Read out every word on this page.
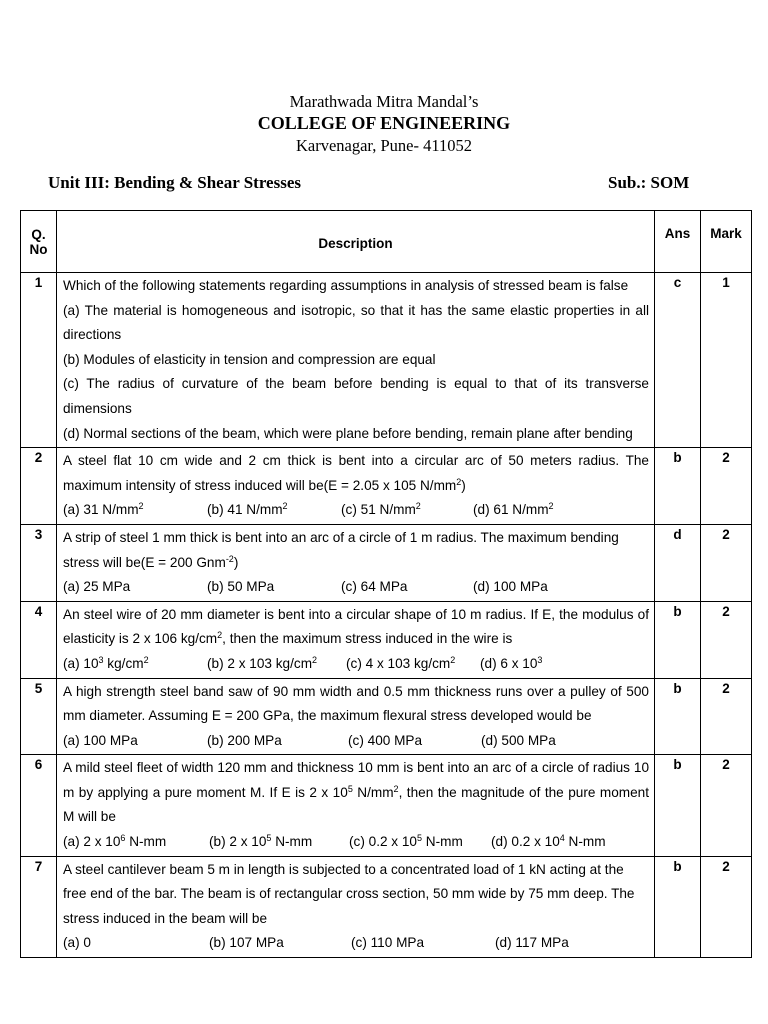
Marathwada Mitra Mandal’s
COLLEGE OF ENGINEERING
Karvenagar, Pune- 411052
Unit III: Bending & Shear Stresses	Sub.: SOM
Q.
No	Description	Ans	Mark
1	Which of the following statements regarding assumptions in analysis of stressed beam is false
(a) The material is homogeneous and isotropic, so that it has the same elastic properties in all directions
(b) Modules of elasticity in tension and compression are equal
(c) The radius of curvature of the beam before bending is equal to that of its transverse dimensions
(d) Normal sections of the beam, which were plane before bending, remain plane after bending	c	1
2	A steel flat 10 cm wide and 2 cm thick is bent into a circular arc of 50 meters radius. The maximum intensity of stress induced will be(E = 2.05 x 105 $N/mm^2$)
(a) 31 $N/mm^2$ (b) 41 $N/mm^2$ (c) 51 $N/mm^2$ (d) 61 $N/mm^2$	b	2
3	A strip of steel 1 mm thick is bent into an arc of a circle of 1 m radius. The maximum bending stress will be(E = 200 Gnm$^{-2}$)
(a) 25 MPa (b) 50 MPa (c) 64 MPa (d) 100 MPa	d	2
4	An steel wire of 20 mm diameter is bent into a circular shape of 10 m radius. If E, the modulus of elasticity is 2 x 106 $kg/cm^2$, then the maximum stress induced in the wire is
(a) $10^3$ $kg/cm^2$ (b) 2 x 103 $kg/cm^2$ (c) 4 x 103 $kg/cm^2$ (d) 6 x $10^3$	b	2
5	A high strength steel band saw of 90 mm width and 0.5 mm thickness runs over a pulley of 500 mm diameter. Assuming E = 200 GPa, the maximum flexural stress developed would be
(a) 100 MPa (b) 200 MPa (c) 400 MPa (d) 500 MPa	b	2
6	A mild steel fleet of width 120 mm and thickness 10 mm is bent into an arc of a circle of radius 10 m by applying a pure moment M. If E is 2 x $10^5$ $N/mm^2$, then the magnitude of the pure moment M will be
(a) 2 x $10^6$ N-mm (b) 2 x $10^5$ N-mm (c) 0.2 x $10^5$ N-mm (d) 0.2 x $10^4$ N-mm	b	2
7	A steel cantilever beam 5 m in length is subjected to a concentrated load of 1 kN acting at the free end of the bar. The beam is of rectangular cross section, 50 mm wide by 75 mm deep. The stress induced in the beam will be
(a) 0 (b) 107 MPa (c) 110 MPa (d) 117 MPa	b	2
